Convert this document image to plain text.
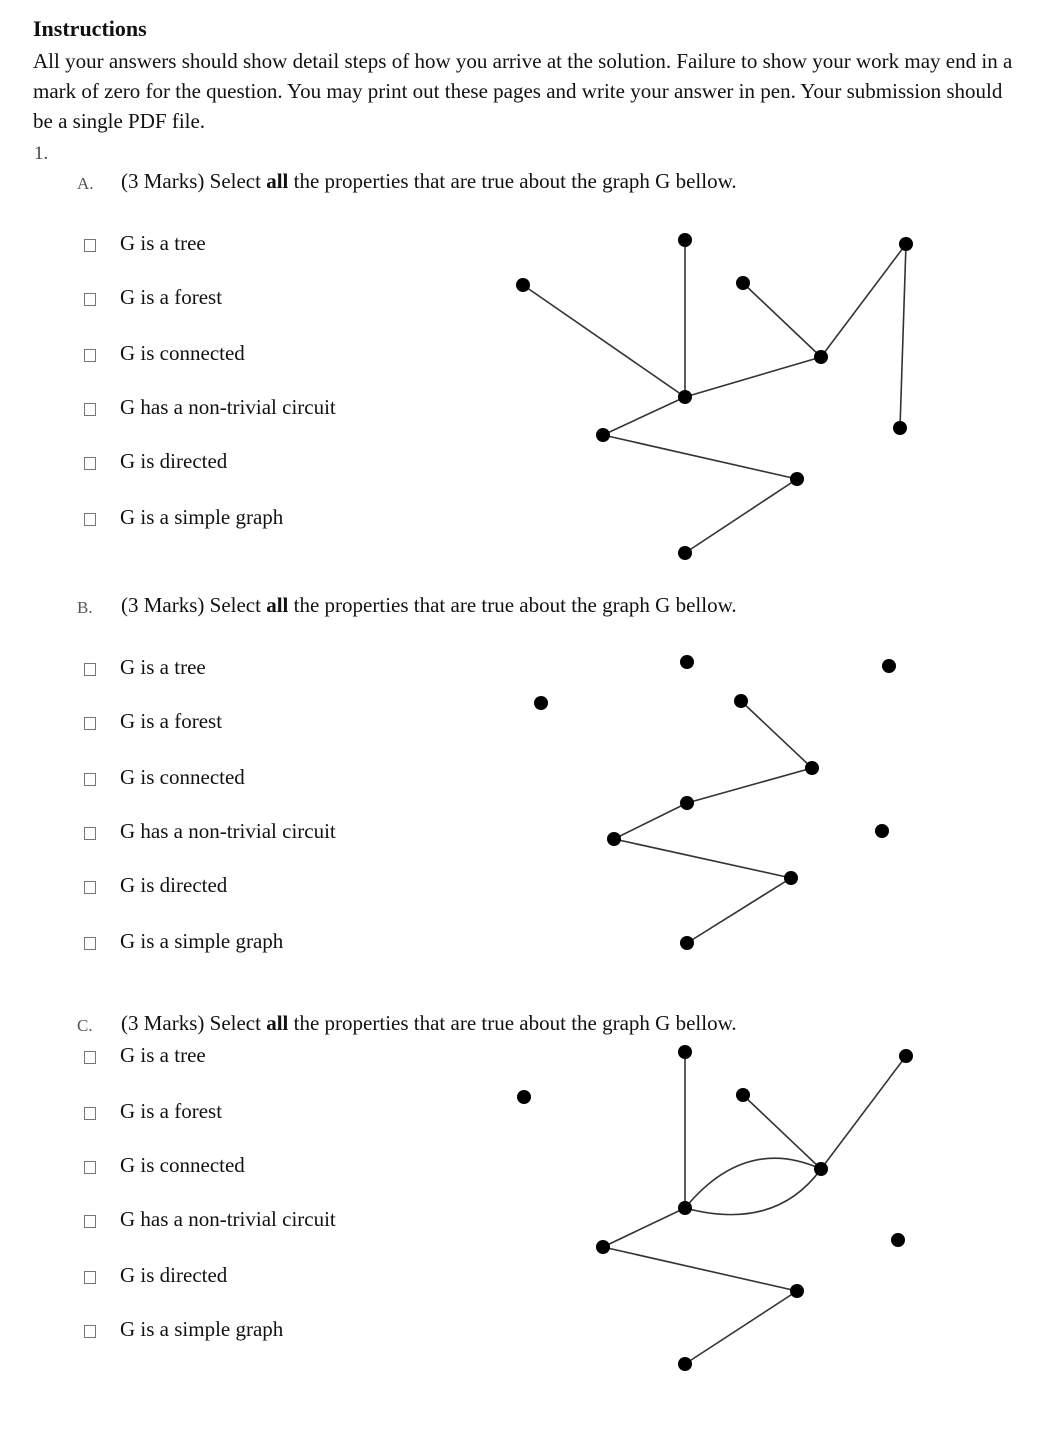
Instructions
All your answers should show detail steps of how you arrive at the solution. Failure to show your work may end in a mark of zero for the question. You may print out these pages and write your answer in pen. Your submission should be a single PDF file.
1.
A. (3 Marks) Select all the properties that are true about the graph G bellow.
G is a tree
G is a forest
G is connected
G has a non-trivial circuit
G is directed
G is a simple graph
B. (3 Marks) Select all the properties that are true about the graph G bellow.
G is a tree
G is a forest
G is connected
G has a non-trivial circuit
G is directed
G is a simple graph
C. (3 Marks) Select all the properties that are true about the graph G bellow.
G is a tree
G is a forest
G is connected
G has a non-trivial circuit
G is directed
G is a simple graph
